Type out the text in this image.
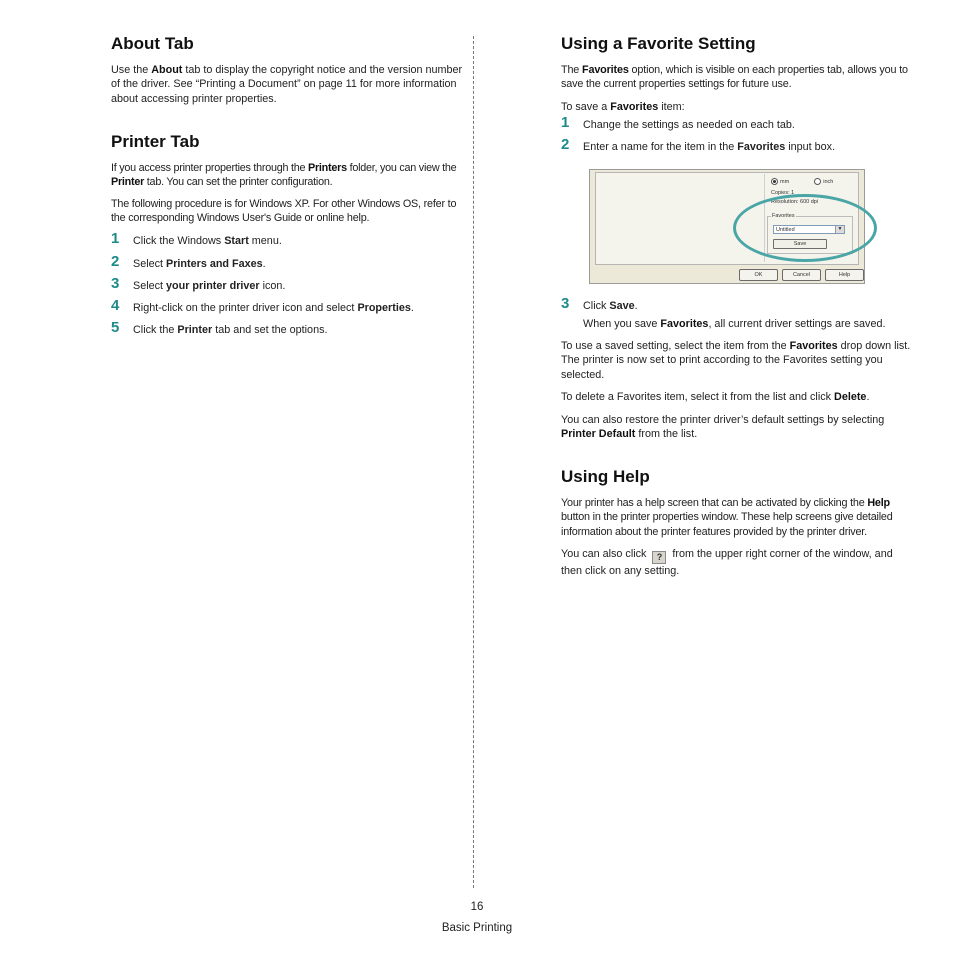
About Tab

Use the About tab to display the copyright notice and the version number of the driver. See “Printing a Document” on page 11 for more information about accessing printer properties.

Printer Tab

If you access printer properties through the Printers folder, you can view the Printer tab. You can set the printer configuration.

The following procedure is for Windows XP. For other Windows OS, refer to the corresponding Windows User's Guide or online help.

1 Click the Windows Start menu.
2 Select Printers and Faxes.
3 Select your printer driver icon.
4 Right-click on the printer driver icon and select Properties.
5 Click the Printer tab and set the options.
Using a Favorite Setting

The Favorites option, which is visible on each properties tab, allows you to save the current properties settings for future use.

To save a Favorites item:

1 Change the settings as needed on each tab.
2 Enter a name for the item in the Favorites input box.
3 Click Save.

When you save Favorites, all current driver settings are saved.

To use a saved setting, select the item from the Favorites drop down list. The printer is now set to print according to the Favorites setting you selected.

To delete a Favorites item, select it from the list and click Delete.

You can also restore the printer driver’s default settings by selecting Printer Default from the list.

Using Help

Your printer has a help screen that can be activated by clicking the Help button in the printer properties window. These help screens give detailed information about the printer features provided by the printer driver.

You can also click ? from the upper right corner of the window, and then click on any setting.

mm	inch
Copies: 1
Resolution: 600 dpi
Favorites
Untitled	▼
Save
OK	Cancel	Help
16
Basic Printing
